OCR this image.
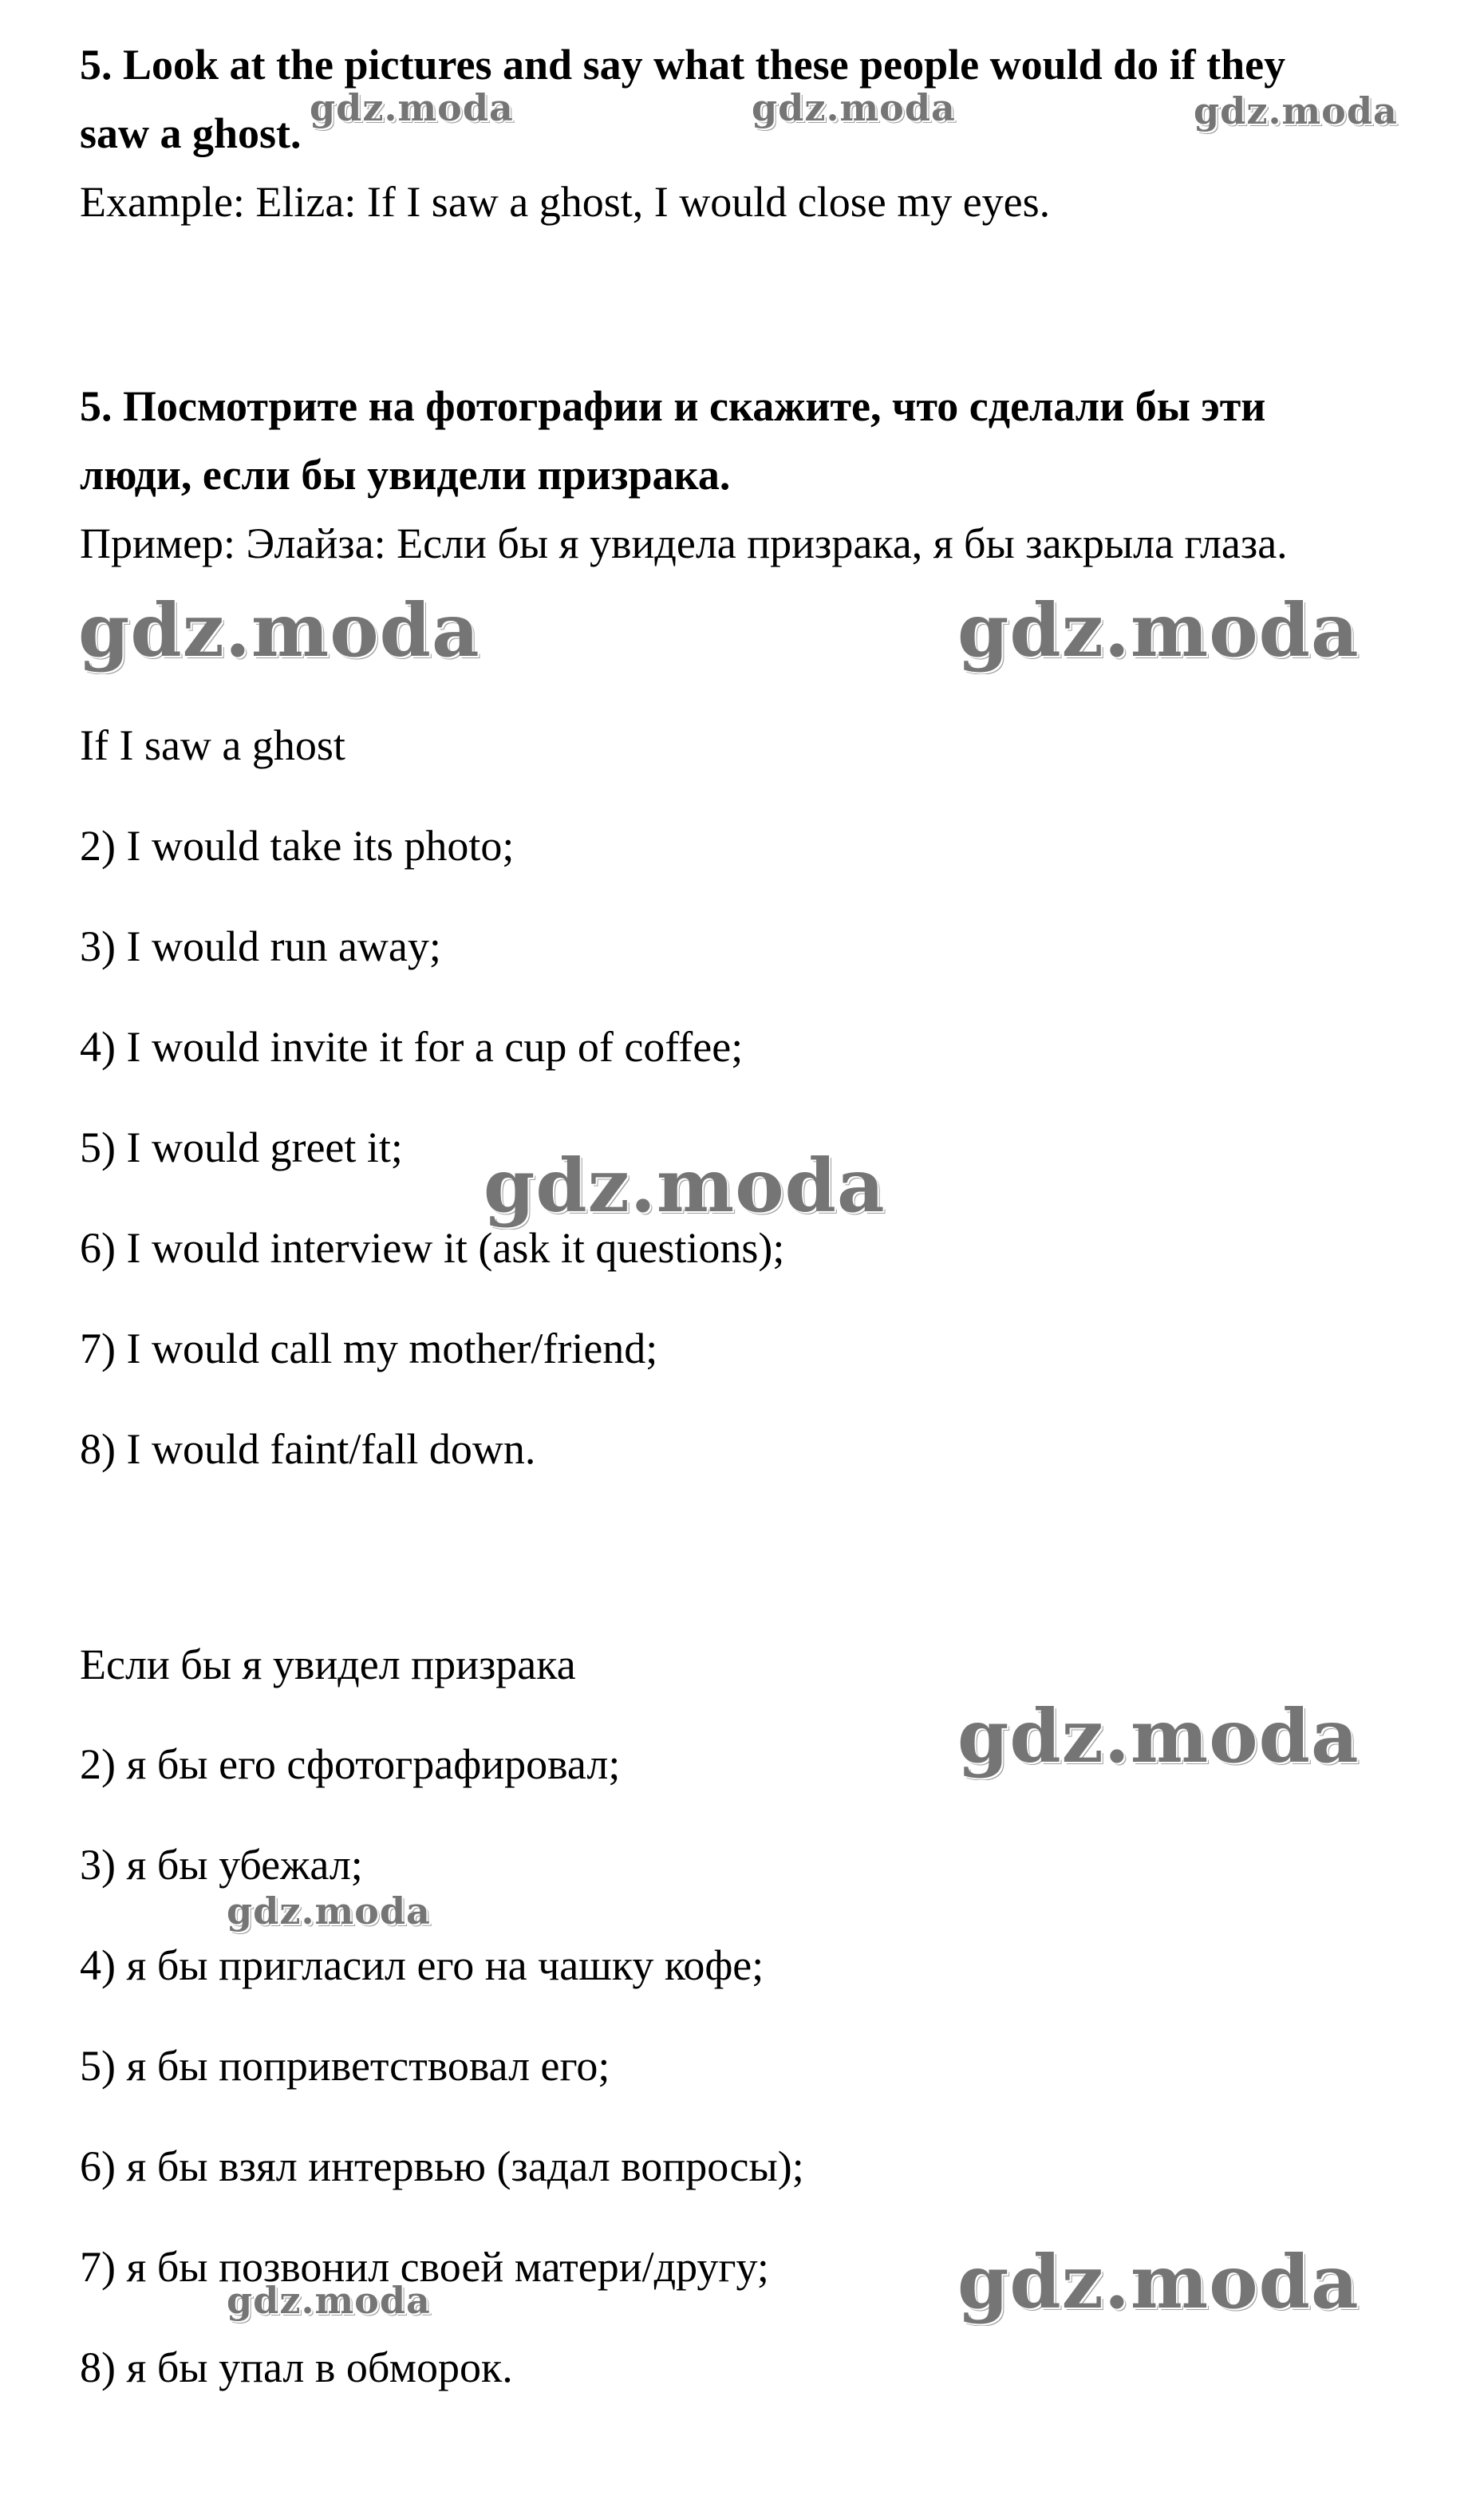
5. Look at the pictures and say what these people would do if they
saw a ghost.
Example: Eliza: If I saw a ghost, I would close my eyes.
5. Посмотрите на фотографии и скажите, что сделали бы эти
люди, если бы увидели призрака.
Пример: Элайза: Если бы я увидела призрака, я бы закрыла глаза.
If I saw a ghost
2) I would take its photo;
3) I would run away;
4) I would invite it for a cup of coffee;
5) I would greet it;
6) I would interview it (ask it questions);
7) I would call my mother/friend;
8) I would faint/fall down.
Если бы я увидел призрака
2) я бы его сфотографировал;
3) я бы убежал;
4) я бы пригласил его на чашку кофе;
5) я бы поприветствовал его;
6) я бы взял интервью (задал вопросы);
7) я бы позвонил своей матери/другу;
8) я бы упал в обморок.
gdz.moda	gdz.moda	gdz.moda
gdz.moda	gdz.moda
gdz.moda
gdz.moda
gdz.moda
gdz.moda
gdz.moda
